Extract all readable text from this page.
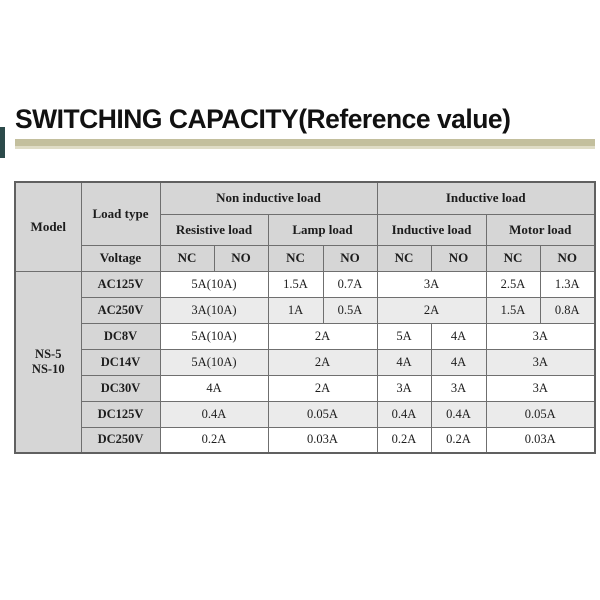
SWITCHING CAPACITY(Reference value)
Model	Load type	Non inductive load				Inductive load			
		Resistive load		Lamp load		Inductive load		Motor load	
	Voltage	NC	NO	NC	NO	NC	NO	NC	NO
NS-5
NS-10	AC125V	5A(10A)		1.5A	0.7A	3A		2.5A	1.3A
	AC250V	3A(10A)		1A	0.5A	2A		1.5A	0.8A
	DC8V	5A(10A)		2A		5A	4A	3A	
	DC14V	5A(10A)		2A		4A	4A	3A	
	DC30V	4A		2A		3A	3A	3A	
	DC125V	0.4A		0.05A		0.4A	0.4A	0.05A	
	DC250V	0.2A		0.03A		0.2A	0.2A	0.03A	
